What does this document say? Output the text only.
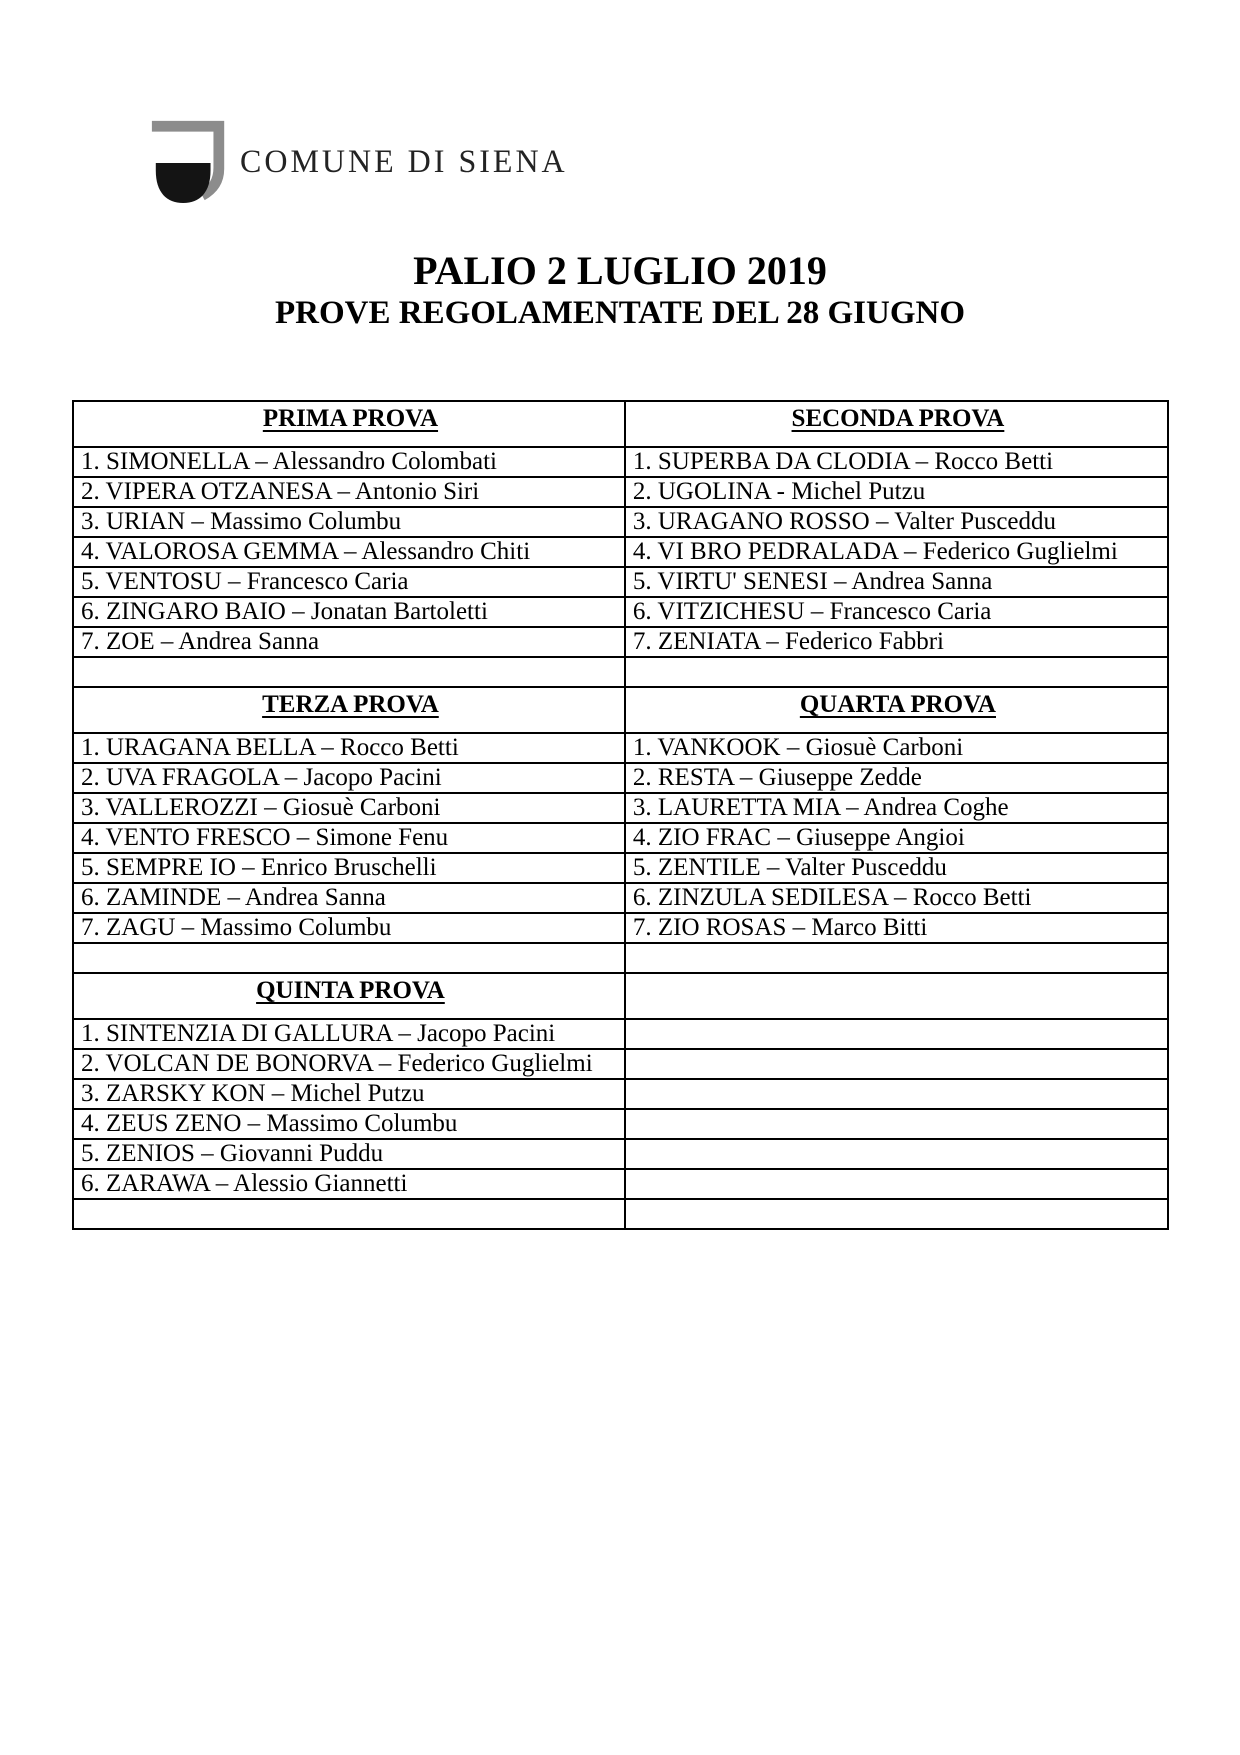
COMUNE DI SIENA
PALIO 2 LUGLIO 2019
PROVE REGOLAMENTATE DEL 28 GIUGNO
PRIMA PROVA	SECONDA PROVA
1. SIMONELLA – Alessandro Colombati	1. SUPERBA DA CLODIA – Rocco Betti
2. VIPERA OTZANESA – Antonio Siri	2. UGOLINA - Michel Putzu
3. URIAN – Massimo Columbu	3. URAGANO ROSSO – Valter Pusceddu
4. VALOROSA GEMMA – Alessandro Chiti	4. VI BRO PEDRALADA – Federico Guglielmi
5. VENTOSU – Francesco Caria	5. VIRTU' SENESI – Andrea Sanna
6. ZINGARO BAIO – Jonatan Bartoletti	6. VITZICHESU – Francesco Caria
7. ZOE – Andrea Sanna	7. ZENIATA – Federico Fabbri

TERZA PROVA	QUARTA PROVA
1. URAGANA BELLA – Rocco Betti	1. VANKOOK – Giosuè Carboni
2. UVA FRAGOLA – Jacopo Pacini	2. RESTA – Giuseppe Zedde
3. VALLEROZZI – Giosuè Carboni	3. LAURETTA MIA – Andrea Coghe
4. VENTO FRESCO – Simone Fenu	4. ZIO FRAC – Giuseppe Angioi
5. SEMPRE IO – Enrico Bruschelli	5. ZENTILE – Valter Pusceddu
6. ZAMINDE – Andrea Sanna	6. ZINZULA SEDILESA – Rocco Betti
7. ZAGU – Massimo Columbu	7. ZIO ROSAS – Marco Bitti

QUINTA PROVA	
1. SINTENZIA DI GALLURA – Jacopo Pacini	
2. VOLCAN DE BONORVA – Federico Guglielmi	
3. ZARSKY KON – Michel Putzu	
4. ZEUS ZENO – Massimo Columbu	
5. ZENIOS – Giovanni Puddu	
6. ZARAWA – Alessio Giannetti	
